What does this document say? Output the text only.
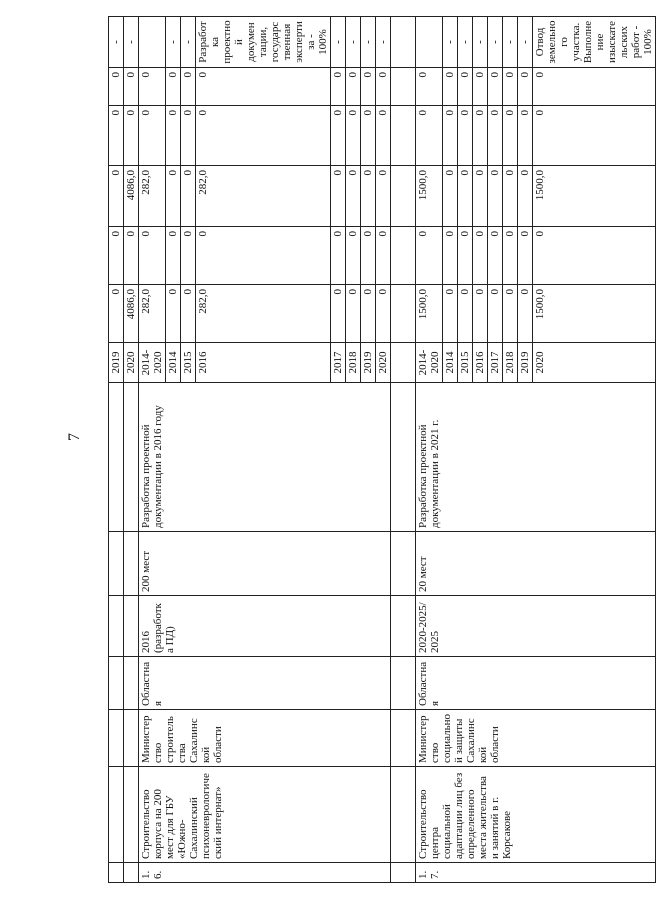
7
							2019	0	0	0	0	0	-
							2020	4086,0	0	4086,0	0	0	-
1.6.	Строительство корпуса на 200 мест для ГБУ «Южно-Сахалинский психоневрологический интернат»	Министерство строительства Сахалинской области	Областная	2016 (разработка ПД)	200 мест	Разработка проектной документации в 2016 году	2014-2020	282,0	0	282,0	0	0	
							2014	0	0	0	0	0	-
							2015	0	0	0	0	0	-
							2016	282,0	0	282,0	0	0	Разработка проектной документации, государственная экспертиза - 100%
							2017	0	0	0	0	0	-
							2018	0	0	0	0	0	-
							2019	0	0	0	0	0	-
							2020	0	0	0	0	0	-

1.7.	Строительство центра социальной адаптации лиц без определенного места жительства и занятий в г. Корсакове	Министерство социальной защиты Сахалинской области	Областная	2020-2025/ 2025	20 мест	Разработка проектной документации в 2021 г.	2014-2020	1500,0	0	1500,0	0	0	
							2014	0	0	0	0	0	-
							2015	0	0	0	0	0	-
							2016	0	0	0	0	0	-
							2017	0	0	0	0	0	-
							2018	0	0	0	0	0	-
							2019	0	0	0	0	0	-
							2020	1500,0	0	1500,0	0	0	Отвод земельного участка. Выполнение изыскательских работ - 100%
